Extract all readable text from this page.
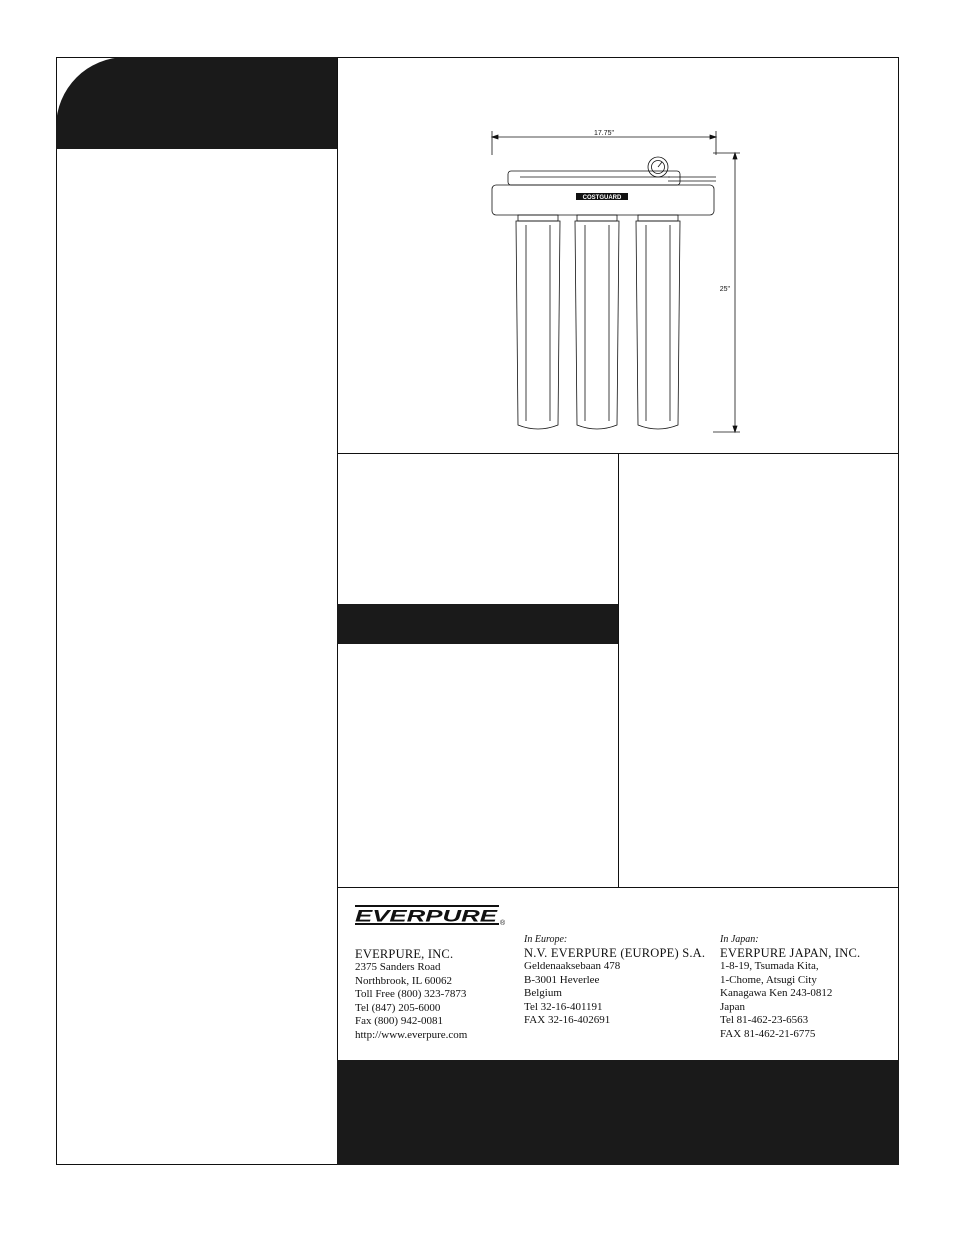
COSTGUARD
17.75"
25"
EVERPURE ®
EVERPURE, INC.
2375 Sanders Road
Northbrook, IL 60062
Toll Free (800) 323-7873
Tel (847) 205-6000
Fax (800) 942-0081
http://www.everpure.com
In Europe:
N.V. EVERPURE (EUROPE) S.A.
Geldenaaksebaan 478
B-3001 Heverlee
Belgium
Tel 32-16-401191
FAX 32-16-402691
In Japan:
EVERPURE JAPAN, INC.
1-8-19, Tsumada Kita,
1-Chome, Atsugi City
Kanagawa Ken 243-0812
Japan
Tel 81-462-23-6563
FAX 81-462-21-6775
